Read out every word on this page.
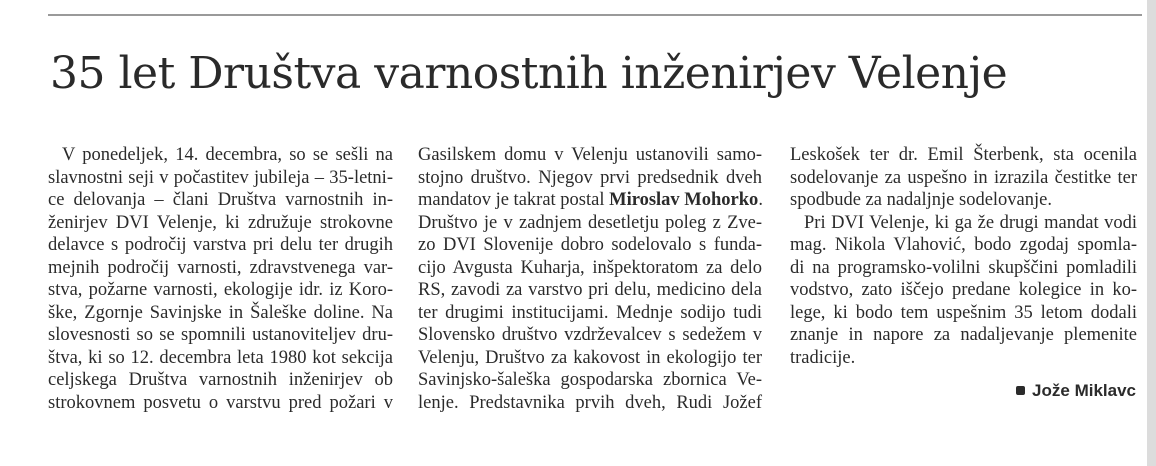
35 let Društva varnostnih inženirjev Velenje
V ponedeljek, 14. decembra, so se sešli na
slavnostni seji v počastitev jubileja – 35-letni-
ce delovanja – člani Društva varnostnih in-
ženirjev DVI Velenje, ki združuje strokovne
delavce s področij varstva pri delu ter drugih
mejnih področij varnosti, zdravstvenega var-
stva, požarne varnosti, ekologije idr. iz Koro-
ške, Zgornje Savinjske in Šaleške doline. Na
slovesnosti so se spomnili ustanoviteljev dru-
štva, ki so 12. decembra leta 1980 kot sekcija
celjskega Društva varnostnih inženirjev ob
strokovnem posvetu o varstvu pred požari v
Gasilskem domu v Velenju ustanovili samo-
stojno društvo. Njegov prvi predsednik dveh
mandatov je takrat postal Miroslav Mohorko.
Društvo je v zadnjem desetletju poleg z Zve-
zo DVI Slovenije dobro sodelovalo s funda-
cijo Avgusta Kuharja, inšpektoratom za delo
RS, zavodi za varstvo pri delu, medicino dela
ter drugimi institucijami. Mednje sodijo tudi
Slovensko društvo vzdrževalcev s sedežem v
Velenju, Društvo za kakovost in ekologijo ter
Savinjsko-šaleška gospodarska zbornica Ve-
lenje. Predstavnika prvih dveh, Rudi Jožef
Leskošek ter dr. Emil Šterbenk, sta ocenila
sodelovanje za uspešno in izrazila čestitke ter
spodbude za nadaljnje sodelovanje.
Pri DVI Velenje, ki ga že drugi mandat vodi
mag. Nikola Vlahović, bodo zgodaj spomla-
di na programsko-volilni skupščini pomladili
vodstvo, zato iščejo predane kolegice in ko-
lege, ki bodo tem uspešnim 35 letom dodali
znanje in napore za nadaljevanje plemenite
tradicije.
Jože Miklavc
